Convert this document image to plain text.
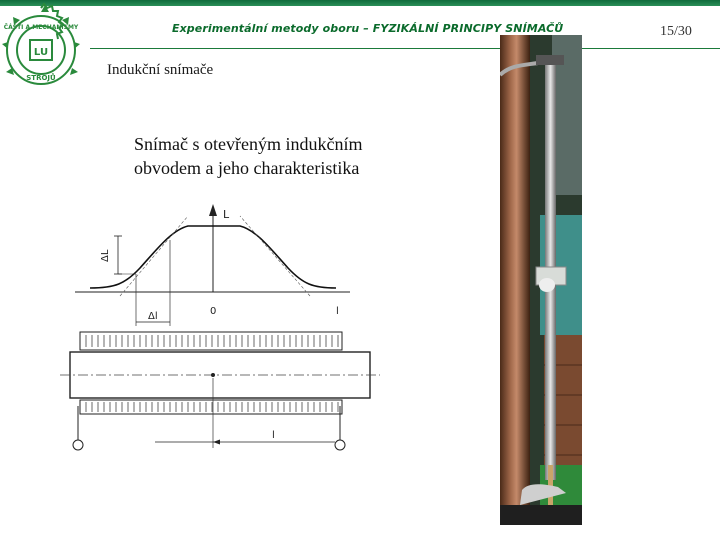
LU
ČÁSTI A MECHANISMY
STROJŮ
Experimentální metody oboru – FYZIKÁLNÍ PRINCIPY SNÍMAČŮ	15/30
Indukční snímače
Snímač s otevřeným indukčním
obvodem a jeho charakteristika
L
ΔL
Δl	0	l
l
